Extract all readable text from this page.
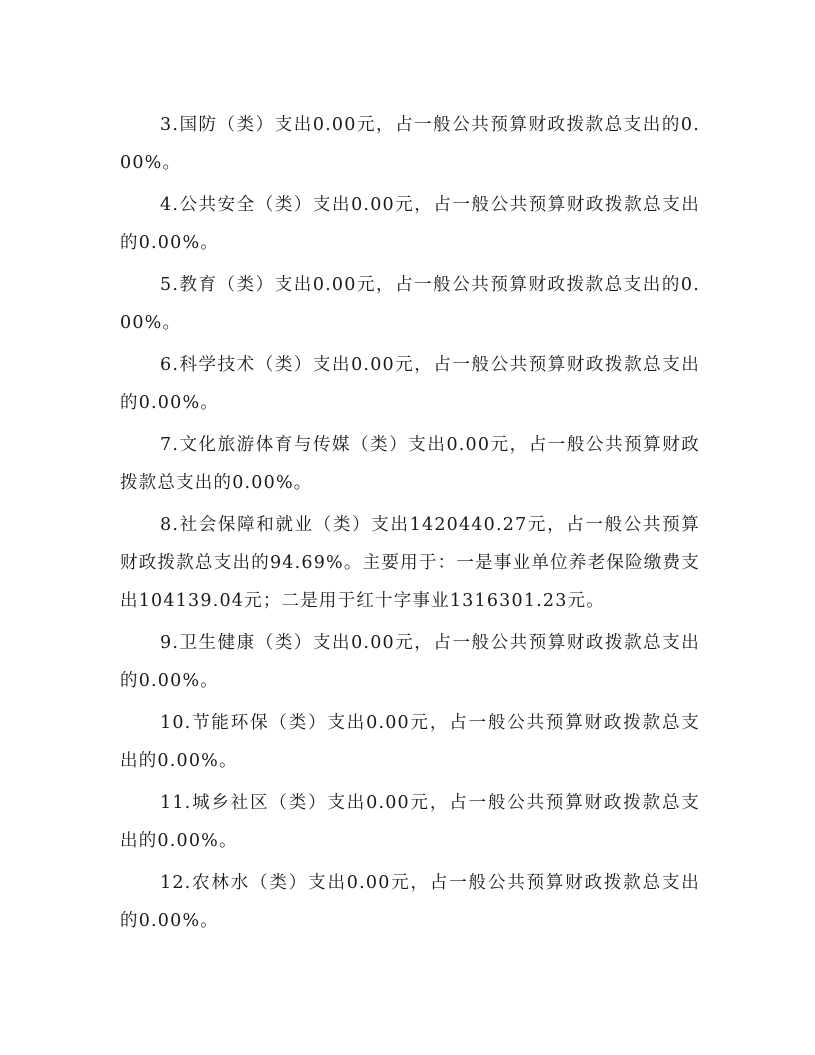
3.国防（类）支出0.00元，占一般公共预算财政拨款总支出的0.00%。

4.公共安全（类）支出0.00元，占一般公共预算财政拨款总支出的0.00%。

5.教育（类）支出0.00元，占一般公共预算财政拨款总支出的0.00%。

6.科学技术（类）支出0.00元，占一般公共预算财政拨款总支出的0.00%。

7.文化旅游体育与传媒（类）支出0.00元，占一般公共预算财政拨款总支出的0.00%。

8.社会保障和就业（类）支出1420440.27元，占一般公共预算财政拨款总支出的94.69%。主要用于：一是事业单位养老保险缴费支出104139.04元；二是用于红十字事业1316301.23元。

9.卫生健康（类）支出0.00元，占一般公共预算财政拨款总支出的0.00%。

10.节能环保（类）支出0.00元，占一般公共预算财政拨款总支出的0.00%。

11.城乡社区（类）支出0.00元，占一般公共预算财政拨款总支出的0.00%。

12.农林水（类）支出0.00元，占一般公共预算财政拨款总支出的0.00%。
